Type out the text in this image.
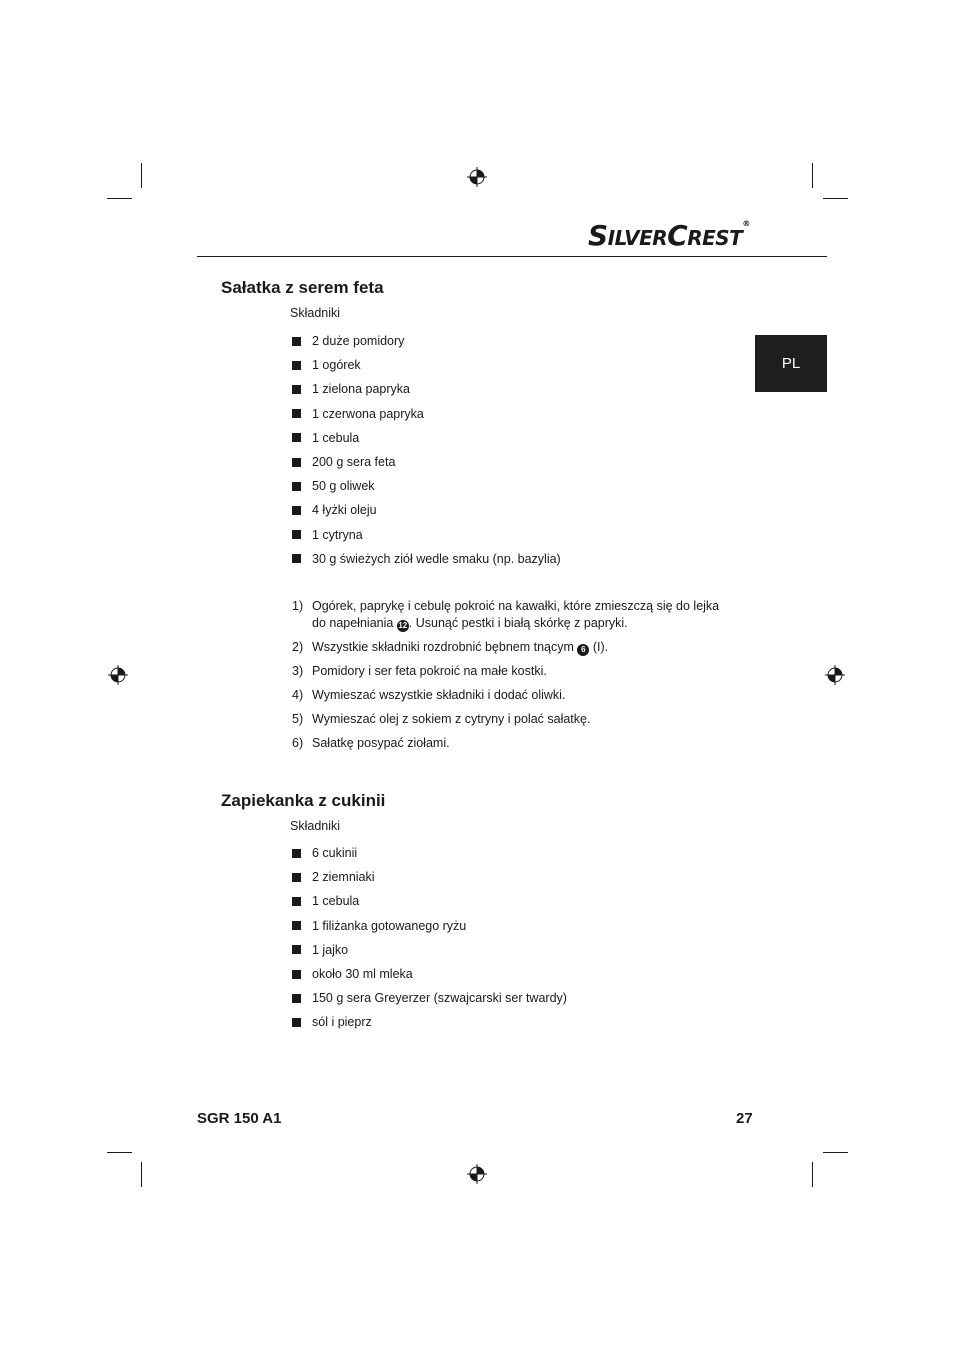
SILVERCREST®
PL
Sałatka z serem feta
Składniki
2 duże pomidory
1 ogórek
1 zielona papryka
1 czerwona papryka
1 cebula
200 g sera feta
50 g oliwek
4 łyżki oleju
1 cytryna
30 g świeżych ziół wedle smaku (np. bazylia)
1) Ogórek, paprykę i cebulę pokroić na kawałki, które zmieszczą się do lejka do napełniania 12 . Usunąć pestki i białą skórkę z papryki.
2) Wszystkie składniki rozdrobnić bębnem tnącym 6 (I).
3) Pomidory i ser feta pokroić na małe kostki.
4) Wymieszać wszystkie składniki i dodać oliwki.
5) Wymieszać olej z sokiem z cytryny i polać sałatkę.
6) Sałatkę posypać ziołami.
Zapiekanka z cukinii
Składniki
6 cukinii
2 ziemniaki
1 cebula
1 filiżanka gotowanego ryżu
1 jajko
około 30 ml mleka
150 g sera Greyerzer (szwajcarski ser twardy)
sól i pieprz
SGR 150 A1	27
